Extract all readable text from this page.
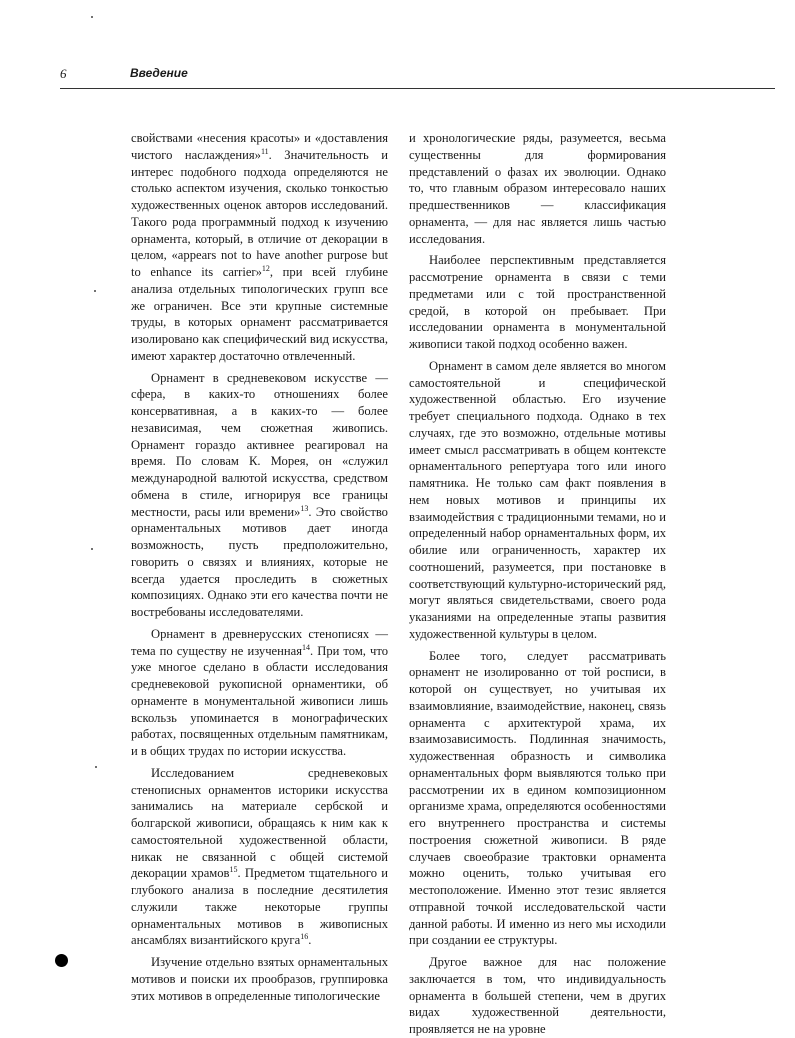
6	Введение

свойствами «несения красоты» и «доставления чистого наслаждения»$^{11}$. Значительность и интерес подобного подхода определяются не столько аспектом изучения, сколько тонкостью художественных оценок авторов исследований. Такого рода программный подход к изучению орнамента, который, в отличие от декорации в целом, «appears not to have another purpose but to enhance its carrier»$^{12}$, при всей глубине анализа отдельных типологических групп все же ограничен. Все эти крупные системные труды, в которых орнамент рассматривается изолировано как специфический вид искусства, имеют характер достаточно отвлеченный.

Орнамент в средневековом искусстве — сфера, в каких-то отношениях более консервативная, а в каких-то — более независимая, чем сюжетная живопись. Орнамент гораздо активнее реагировал на время. По словам К. Морея, он «служил международной валютой искусства, средством обмена в стиле, игнорируя все границы местности, расы или времени»$^{13}$. Это свойство орнаментальных мотивов дает иногда возможность, пусть предположительно, говорить о связях и влияниях, которые не всегда удается проследить в сюжетных композициях. Однако эти его качества почти не востребованы исследователями.

Орнамент в древнерусских стенописях — тема по существу не изученная$^{14}$. При том, что уже многое сделано в области исследования средневековой рукописной орнаментики, об орнаменте в монументальной живописи лишь вскользь упоминается в монографических работах, посвященных отдельным памятникам, и в общих трудах по истории искусства.

Исследованием средневековых стенописных орнаментов историки искусства занимались на материале сербской и болгарской живописи, обращаясь к ним как к самостоятельной художественной области, никак не связанной с общей системой декорации храмов$^{15}$. Предметом тщательного и глубокого анализа в последние десятилетия служили также некоторые группы орнаментальных мотивов в живописных ансамблях византийского круга$^{16}$.

Изучение отдельно взятых орнаментальных мотивов и поиски их прообразов, группировка этих мотивов в определенные типологические

и хронологические ряды, разумеется, весьма существенны для формирования представлений о фазах их эволюции. Однако то, что главным образом интересовало наших предшественников — классификация орнамента, — для нас является лишь частью исследования.

Наиболее перспективным представляется рассмотрение орнамента в связи с теми предметами или с той пространственной средой, в которой он пребывает. При исследовании орнамента в монументальной живописи такой подход особенно важен.

Орнамент в самом деле является во многом самостоятельной и специфической художественной областью. Его изучение требует специального подхода. Однако в тех случаях, где это возможно, отдельные мотивы имеет смысл рассматривать в общем контексте орнаментального репертуара того или иного памятника. Не только сам факт появления в нем новых мотивов и принципы их взаимодействия с традиционными темами, но и определенный набор орнаментальных форм, их обилие или ограниченность, характер их соотношений, разумеется, при постановке в соответствующий культурно-исторический ряд, могут являться свидетельствами, своего рода указаниями на определенные этапы развития художественной культуры в целом.

Более того, следует рассматривать орнамент не изолированно от той росписи, в которой он существует, но учитывая их взаимовлияние, взаимодействие, наконец, связь орнамента с архитектурой храма, их взаимозависимость. Подлинная значимость, художественная образность и символика орнаментальных форм выявляются только при рассмотрении их в едином композиционном организме храма, определяются особенностями его внутреннего пространства и системы построения сюжетной живописи. В ряде случаев своеобразие трактовки орнамента можно оценить, только учитывая его местоположение. Именно этот тезис является отправной точкой исследовательской части данной работы. И именно из него мы исходили при создании ее структуры.

Другое важное для нас положение заключается в том, что индивидуальность орнамента в большей степени, чем в других видах художественной деятельности, проявляется не на уровне
